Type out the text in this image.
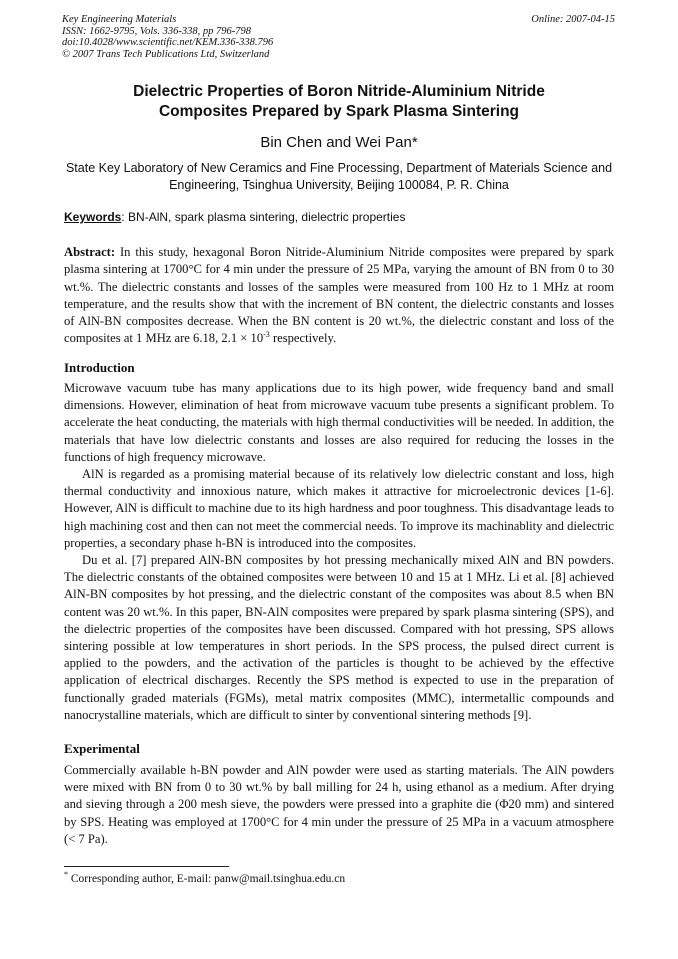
Key Engineering Materials
ISSN: 1662-9795, Vols. 336-338, pp 796-798
doi:10.4028/www.scientific.net/KEM.336-338.796
© 2007 Trans Tech Publications Ltd, Switzerland
Online: 2007-04-15
Dielectric Properties of Boron Nitride-Aluminium Nitride
Composites Prepared by Spark Plasma Sintering
Bin Chen and Wei Pan*
State Key Laboratory of New Ceramics and Fine Processing, Department of Materials Science and Engineering, Tsinghua University, Beijing 100084, P. R. China
Keywords: BN-AlN, spark plasma sintering, dielectric properties

Abstract: In this study, hexagonal Boron Nitride-Aluminium Nitride composites were prepared by spark plasma sintering at 1700°C for 4 min under the pressure of 25 MPa, varying the amount of BN from 0 to 30 wt.%. The dielectric constants and losses of the samples were measured from 100 Hz to 1 MHz at room temperature, and the results show that with the increment of BN content, the dielectric constants and losses of AlN-BN composites decrease. When the BN content is 20 wt.%, the dielectric constant and loss of the composites at 1 MHz are 6.18, $2.1 \times 10^{-3}$ respectively.

Introduction

Microwave vacuum tube has many applications due to its high power, wide frequency band and small dimensions. However, elimination of heat from microwave vacuum tube presents a significant problem. To accelerate the heat conducting, the materials with high thermal conductivities will be needed. In addition, the materials that have low dielectric constants and losses are also required for reducing the losses in the functions of high frequency microwave.

AlN is regarded as a promising material because of its relatively low dielectric constant and loss, high thermal conductivity and innoxious nature, which makes it attractive for microelectronic devices [1-6]. However, AlN is difficult to machine due to its high hardness and poor toughness. This disadvantage leads to high machining cost and then can not meet the commercial needs. To improve its machinablity and dielectric properties, a secondary phase h-BN is introduced into the composites.

Du et al. [7] prepared AlN-BN composites by hot pressing mechanically mixed AlN and BN powders. The dielectric constants of the obtained composites were between 10 and 15 at 1 MHz. Li et al. [8] achieved AlN-BN composites by hot pressing, and the dielectric constant of the composites was about 8.5 when BN content was 20 wt.%. In this paper, BN-AlN composites were prepared by spark plasma sintering (SPS), and the dielectric properties of the composites have been discussed. Compared with hot pressing, SPS allows sintering possible at low temperatures in short periods. In the SPS process, the pulsed direct current is applied to the powders, and the activation of the particles is thought to be achieved by the effective application of electrical discharges. Recently the SPS method is expected to use in the preparation of functionally graded materials (FGMs), metal matrix composites (MMC), intermetallic compounds and nanocrystalline materials, which are difficult to sinter by conventional sintering methods [9].

Experimental

Commercially available h-BN powder and AlN powder were used as starting materials. The AlN powders were mixed with BN from 0 to 30 wt.% by ball milling for 24 h, using ethanol as a medium. After drying and sieving through a 200 mesh sieve, the powders were pressed into a graphite die (Φ20 mm) and sintered by SPS. Heating was employed at 1700°C for 4 min under the pressure of 25 MPa in a vacuum atmosphere (< 7 Pa).

* Corresponding author, E-mail: panw@mail.tsinghua.edu.cn
